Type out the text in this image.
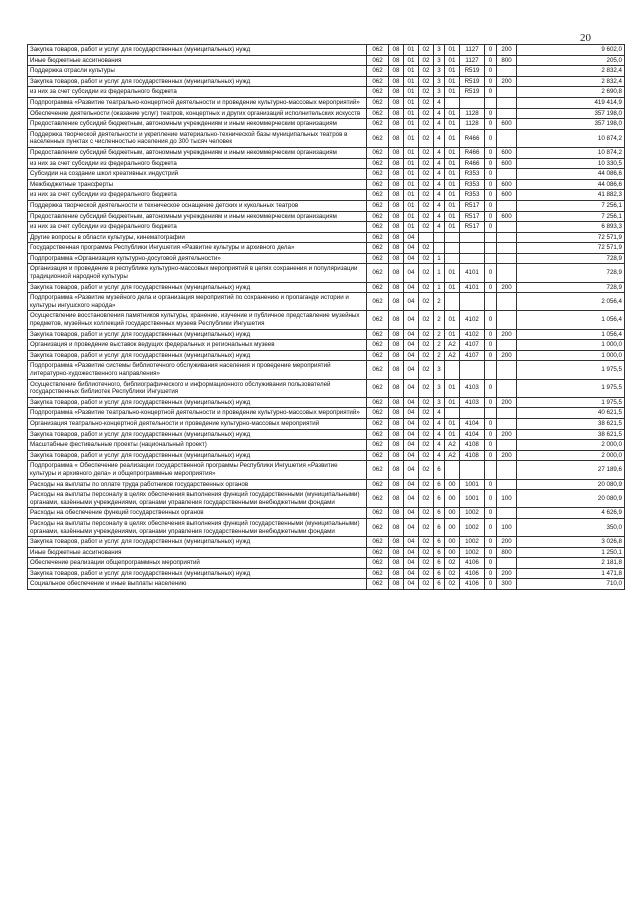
20
Закупка товаров, работ и услуг для государственных (муниципальных) нужд	062	08	01	02	3	01	1127	0	200	9 602,0
Иные бюджетные ассигнования	062	08	01	02	3	01	1127	0	800	205,0
Поддержка отрасли культуры	062	08	01	02	3	01	R519	0		2 832,4
Закупка товаров, работ и услуг для государственных (муниципальных) нужд	062	08	01	02	3	01	R519	0	200	2 832,4
из них за счет субсидии из федерального бюджета	062	08	01	02	3	01	R519	0		2 690,8
Подпрограмма «Развитие театрально-концертной деятельности и проведение культурно-массовых мероприятий»	062	08	01	02	4					419 414,9
Обеспечение деятельности (оказание услуг) театров, концертных и других организаций исполнительских искусств	062	08	01	02	4	01	1128	0		357 198,0
Предоставление субсидий бюджетным, автономным учреждениям и иным некоммерческим организациям	062	08	01	02	4	01	1128	0	600	357 198,0
Поддержка творческой деятельности и укрепление материально-технической базы муниципальных театров в населенных пунктах с численностью населения до 300 тысяч человек	062	08	01	02	4	01	R466	0		10 874,2
Предоставление субсидий бюджетным, автономным учреждениям и иным некоммерческим организациям	062	08	01	02	4	01	R466	0	600	10 874,2
из них за счет субсидии из федерального бюджета	062	08	01	02	4	01	R466	0	600	10 330,5
Субсидии на создание школ креативных индустрий	062	08	01	02	4	01	R353	0		44 086,6
Межбюджетные трансферты	062	08	01	02	4	01	R353	0	600	44 086,6
из них за счет субсидии из федерального бюджета	062	08	01	02	4	01	R353	0	600	41 882,3
Поддержка творческой деятельности и техническое оснащение детских и кукольных театров	062	08	01	02	4	01	R517	0		7 256,1
Предоставление субсидий бюджетным, автономным учреждениям и иным некоммерческим организациям	062	08	01	02	4	01	R517	0	600	7 256,1
из них за счет субсидии из федерального бюджета	062	08	01	02	4	01	R517	0		6 893,3
Другие вопросы в области культуры, кинематографии	062	08	04							72 571,9
Государственная программа Республики Ингушетия «Развитие культуры и архивного дела»	062	08	04	02						72 571,9
Подпрограмма «Организация культурно-досуговой деятельности»	062	08	04	02	1					728,9
Организация и проведение в республике культурно-массовых мероприятий в целях сохранения и популяризации традиционной народной культуры	062	08	04	02	1	01	4101	0		728,9
Закупка товаров, работ и услуг для государственных (муниципальных) нужд	062	08	04	02	1	01	4101	0	200	728,9
Подпрограмма «Развитие музейного дела и организация мероприятий по сохранению и пропаганде истории и культуры ингушского народа»	062	08	04	02	2					2 056,4
Осуществление восстановления памятников культуры, хранение, изучение и публичное представление музейных предметов, музейных коллекций государственных музеев Республики Ингушетия	062	08	04	02	2	01	4102	0		1 056,4
Закупка товаров, работ и услуг для государственных (муниципальных) нужд	062	08	04	02	2	01	4102	0	200	1 056,4
Организация и проведение выставок ведущих федеральных и региональных музеев	062	08	04	02	2	A2	4107	0		1 000,0
Закупка товаров, работ и услуг для государственных (муниципальных) нужд	062	08	04	02	2	A2	4107	0	200	1 000,0
Подпрограмма «Развитие системы библиотечного обслуживания населения и проведение мероприятий литературно-художественного направления»	062	08	04	02	3					1 975,5
Осуществление библиотечного, библиографического и информационного обслуживания пользователей государственных библиотек Республики Ингушетия	062	08	04	02	3	01	4103	0		1 975,5
Закупка товаров, работ и услуг для государственных (муниципальных) нужд	062	08	04	02	3	01	4103	0	200	1 975,5
Подпрограмма «Развитие театрально-концертной деятельности и проведение культурно-массовых мероприятий»	062	08	04	02	4					40 621,5
Организация театрально-концертной деятельности и проведение культурно-массовых мероприятий	062	08	04	02	4	01	4104	0		38 621,5
Закупка товаров, работ и услуг для государственных (муниципальных) нужд	062	08	04	02	4	01	4104	0	200	38 621,5
Масштабные фестивальные проекты (национальный проект)	062	08	04	02	4	A2	4108	0		2 000,0
Закупка товаров, работ и услуг для государственных (муниципальных) нужд	062	08	04	02	4	A2	4108	0	200	2 000,0
Подпрограмма « Обеспечение реализации государственной программы Республики Ингушетия «Развитие культуры и архивного дела» и общепрограммные мероприятия»	062	08	04	02	6					27 189,6
Расходы на выплаты по оплате труда работников государственных органов	062	08	04	02	6	00	1001	0		20 080,9
Расходы на выплаты персоналу в целях обеспечения выполнения функций государственными (муниципальными) органами, казёнными учреждениями, органами управления государственными внебюджетными фондами	062	08	04	02	6	00	1001	0	100	20 080,9
Расходы на обеспечение функций государственных органов	062	08	04	02	6	00	1002	0		4 626,9
Расходы на выплаты персоналу в целях обеспечения выполнения функций государственными (муниципальными) органами, казёнными учреждениями, органами управления государственными внебюджетными фондами	062	08	04	02	6	00	1002	0	100	350,0
Закупка товаров, работ и услуг для государственных (муниципальных) нужд	062	08	04	02	6	00	1002	0	200	3 026,8
Иные бюджетные ассигнования	062	08	04	02	6	00	1002	0	800	1 250,1
Обеспечение реализации общепрограммных мероприятий	062	08	04	02	6	02	4106	0		2 181,8
Закупка товаров, работ и услуг для государственных (муниципальных) нужд	062	08	04	02	6	02	4106	0	200	1 471,8
Социальное обеспечение и иные выплаты населению	062	08	04	02	6	02	4106	0	300	710,0
